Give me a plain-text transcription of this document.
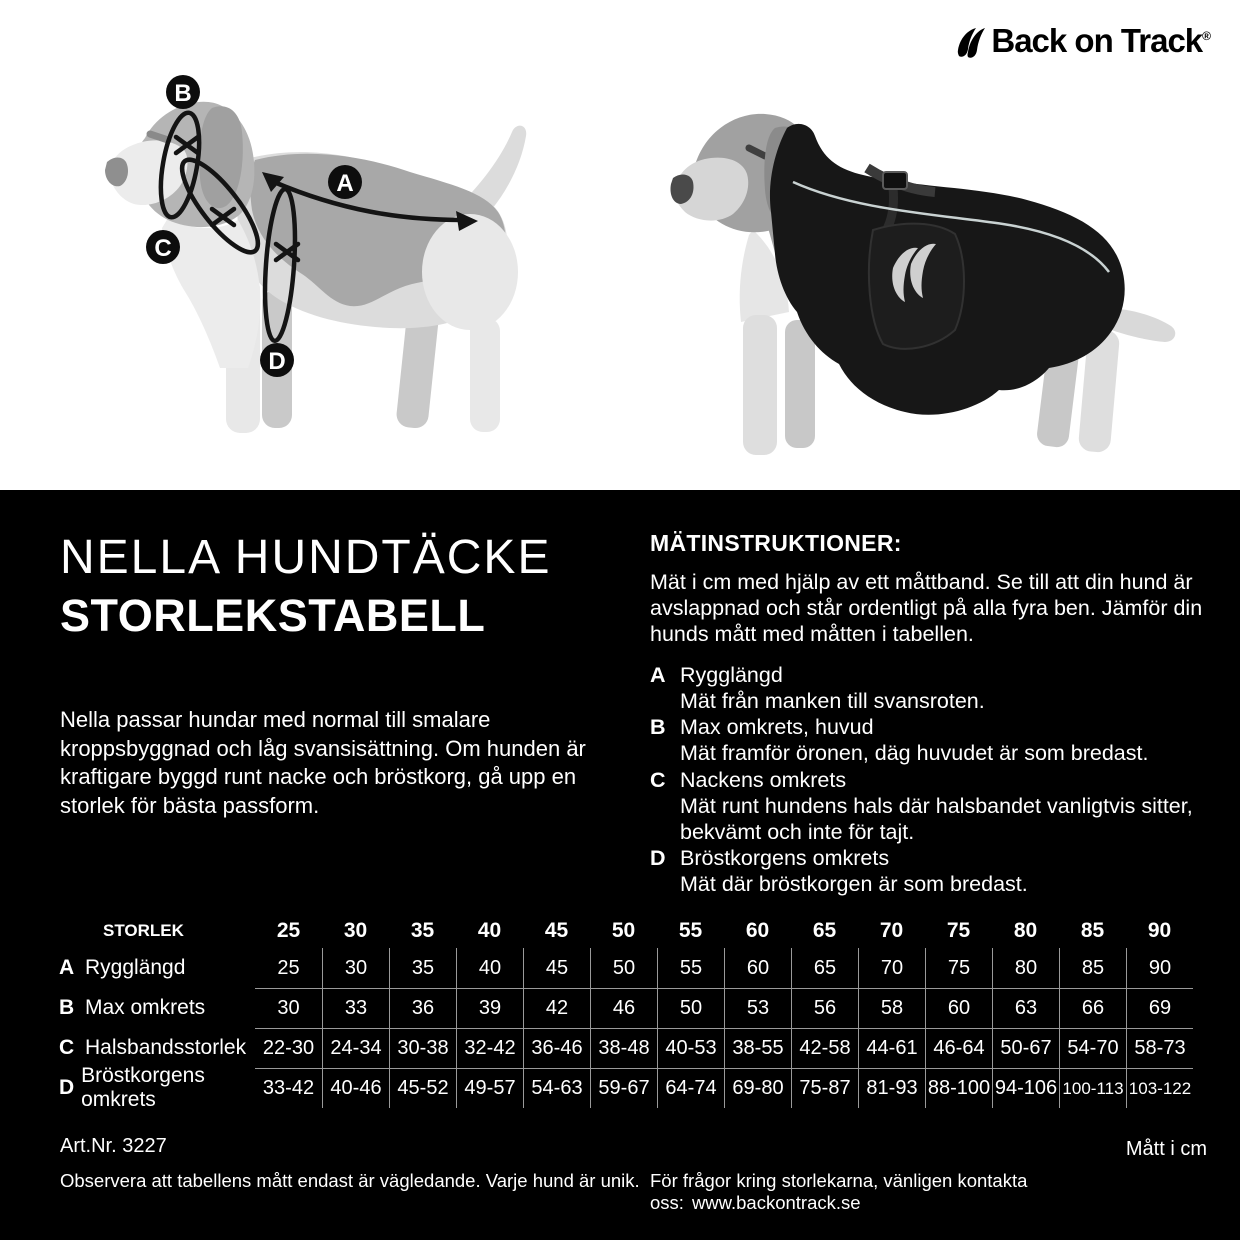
Back on Track®
A
B
C
D
NELLA HUNDTÄCKE
STORLEKSTABELL
Nella passar hundar med normal till smalare kroppsbyggnad och låg svansisättning. Om hunden är kraftigare byggd runt nacke och bröstkorg, gå upp en storlek för bästa passform.
MÄTINSTRUKTIONER:
Mät i cm med hjälp av ett måttband. Se till att din hund är avslappnad och står ordentligt på alla fyra ben. Jämför din hunds mått med måtten i tabellen.
A Rygglängd
Mät från manken till svansroten.
B Max omkrets, huvud
Mät framför öronen, däg huvudet är som bredast.
C Nackens omkrets
Mät runt hundens hals där halsbandet vanligtvis sitter, bekvämt och inte för tajt.
D Bröstkorgens omkrets
Mät där bröstkorgen är som bredast.
STORLEK	25	30	35	40	45	50	55	60	65	70	75	80	85	90
A Rygglängd	25	30	35	40	45	50	55	60	65	70	75	80	85	90
B Max omkrets	30	33	36	39	42	46	50	53	56	58	60	63	66	69
C Halsbandsstorlek 22-30 24-34 30-38 32-42 36-46 38-48 40-53 38-55 42-58 44-61 46-64 50-67 54-70 58-73
D
Bröstkorgens omkrets	33-42 40-46 45-52 49-57 54-63 59-67 64-74 69-80 75-87 81-93 88-100 94-106 100-113 103-122
Art.Nr. 3227	Mått i cm
Observera att tabellens mått endast är vägledande. Varje hund är unik. För frågor kring storlekarna, vänligen kontakta oss: www.backontrack.se
